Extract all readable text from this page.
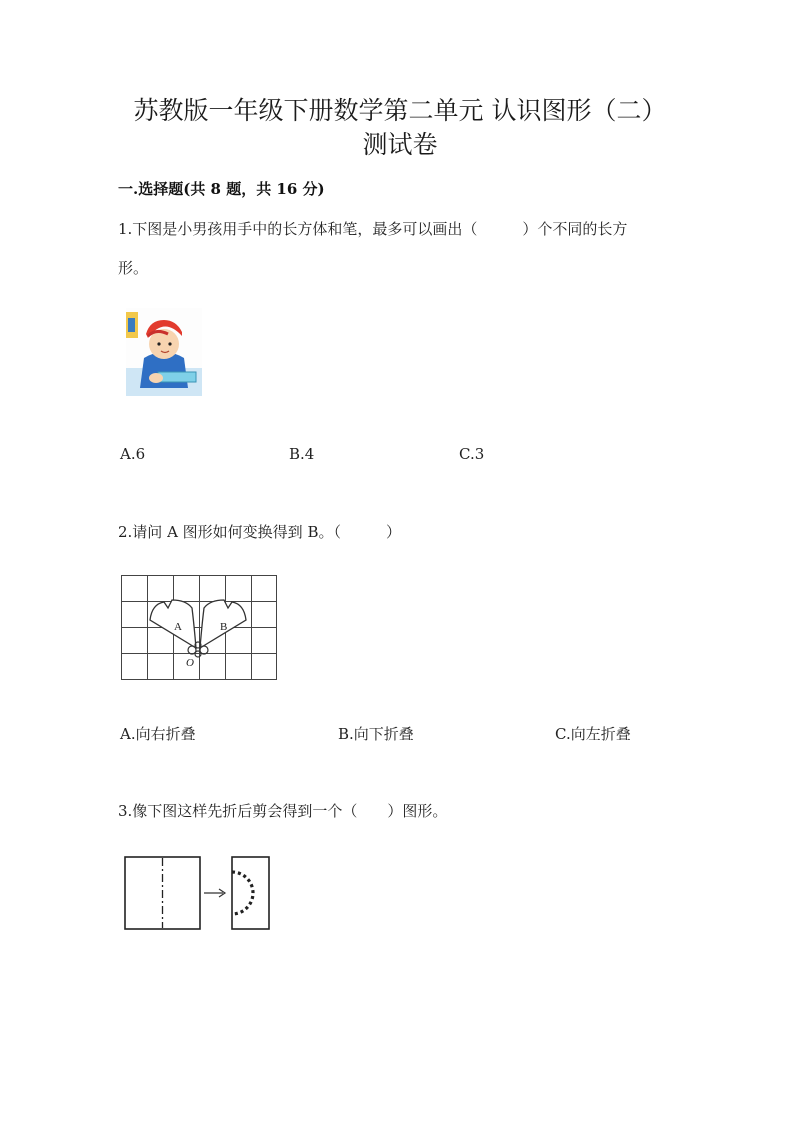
苏教版一年级下册数学第二单元 认识图形（二）
测试卷
一.选择题(共 8 题，共 16 分)
1.下图是小男孩用手中的长方体和笔，最多可以画出（　　　）个不同的长方
形。
A.6	B.4	C.3
2.请问 A 图形如何变换得到 B。（　　　）
A	B
O
A.向右折叠	B.向下折叠	C.向左折叠
3.像下图这样先折后剪会得到一个（　　）图形。
